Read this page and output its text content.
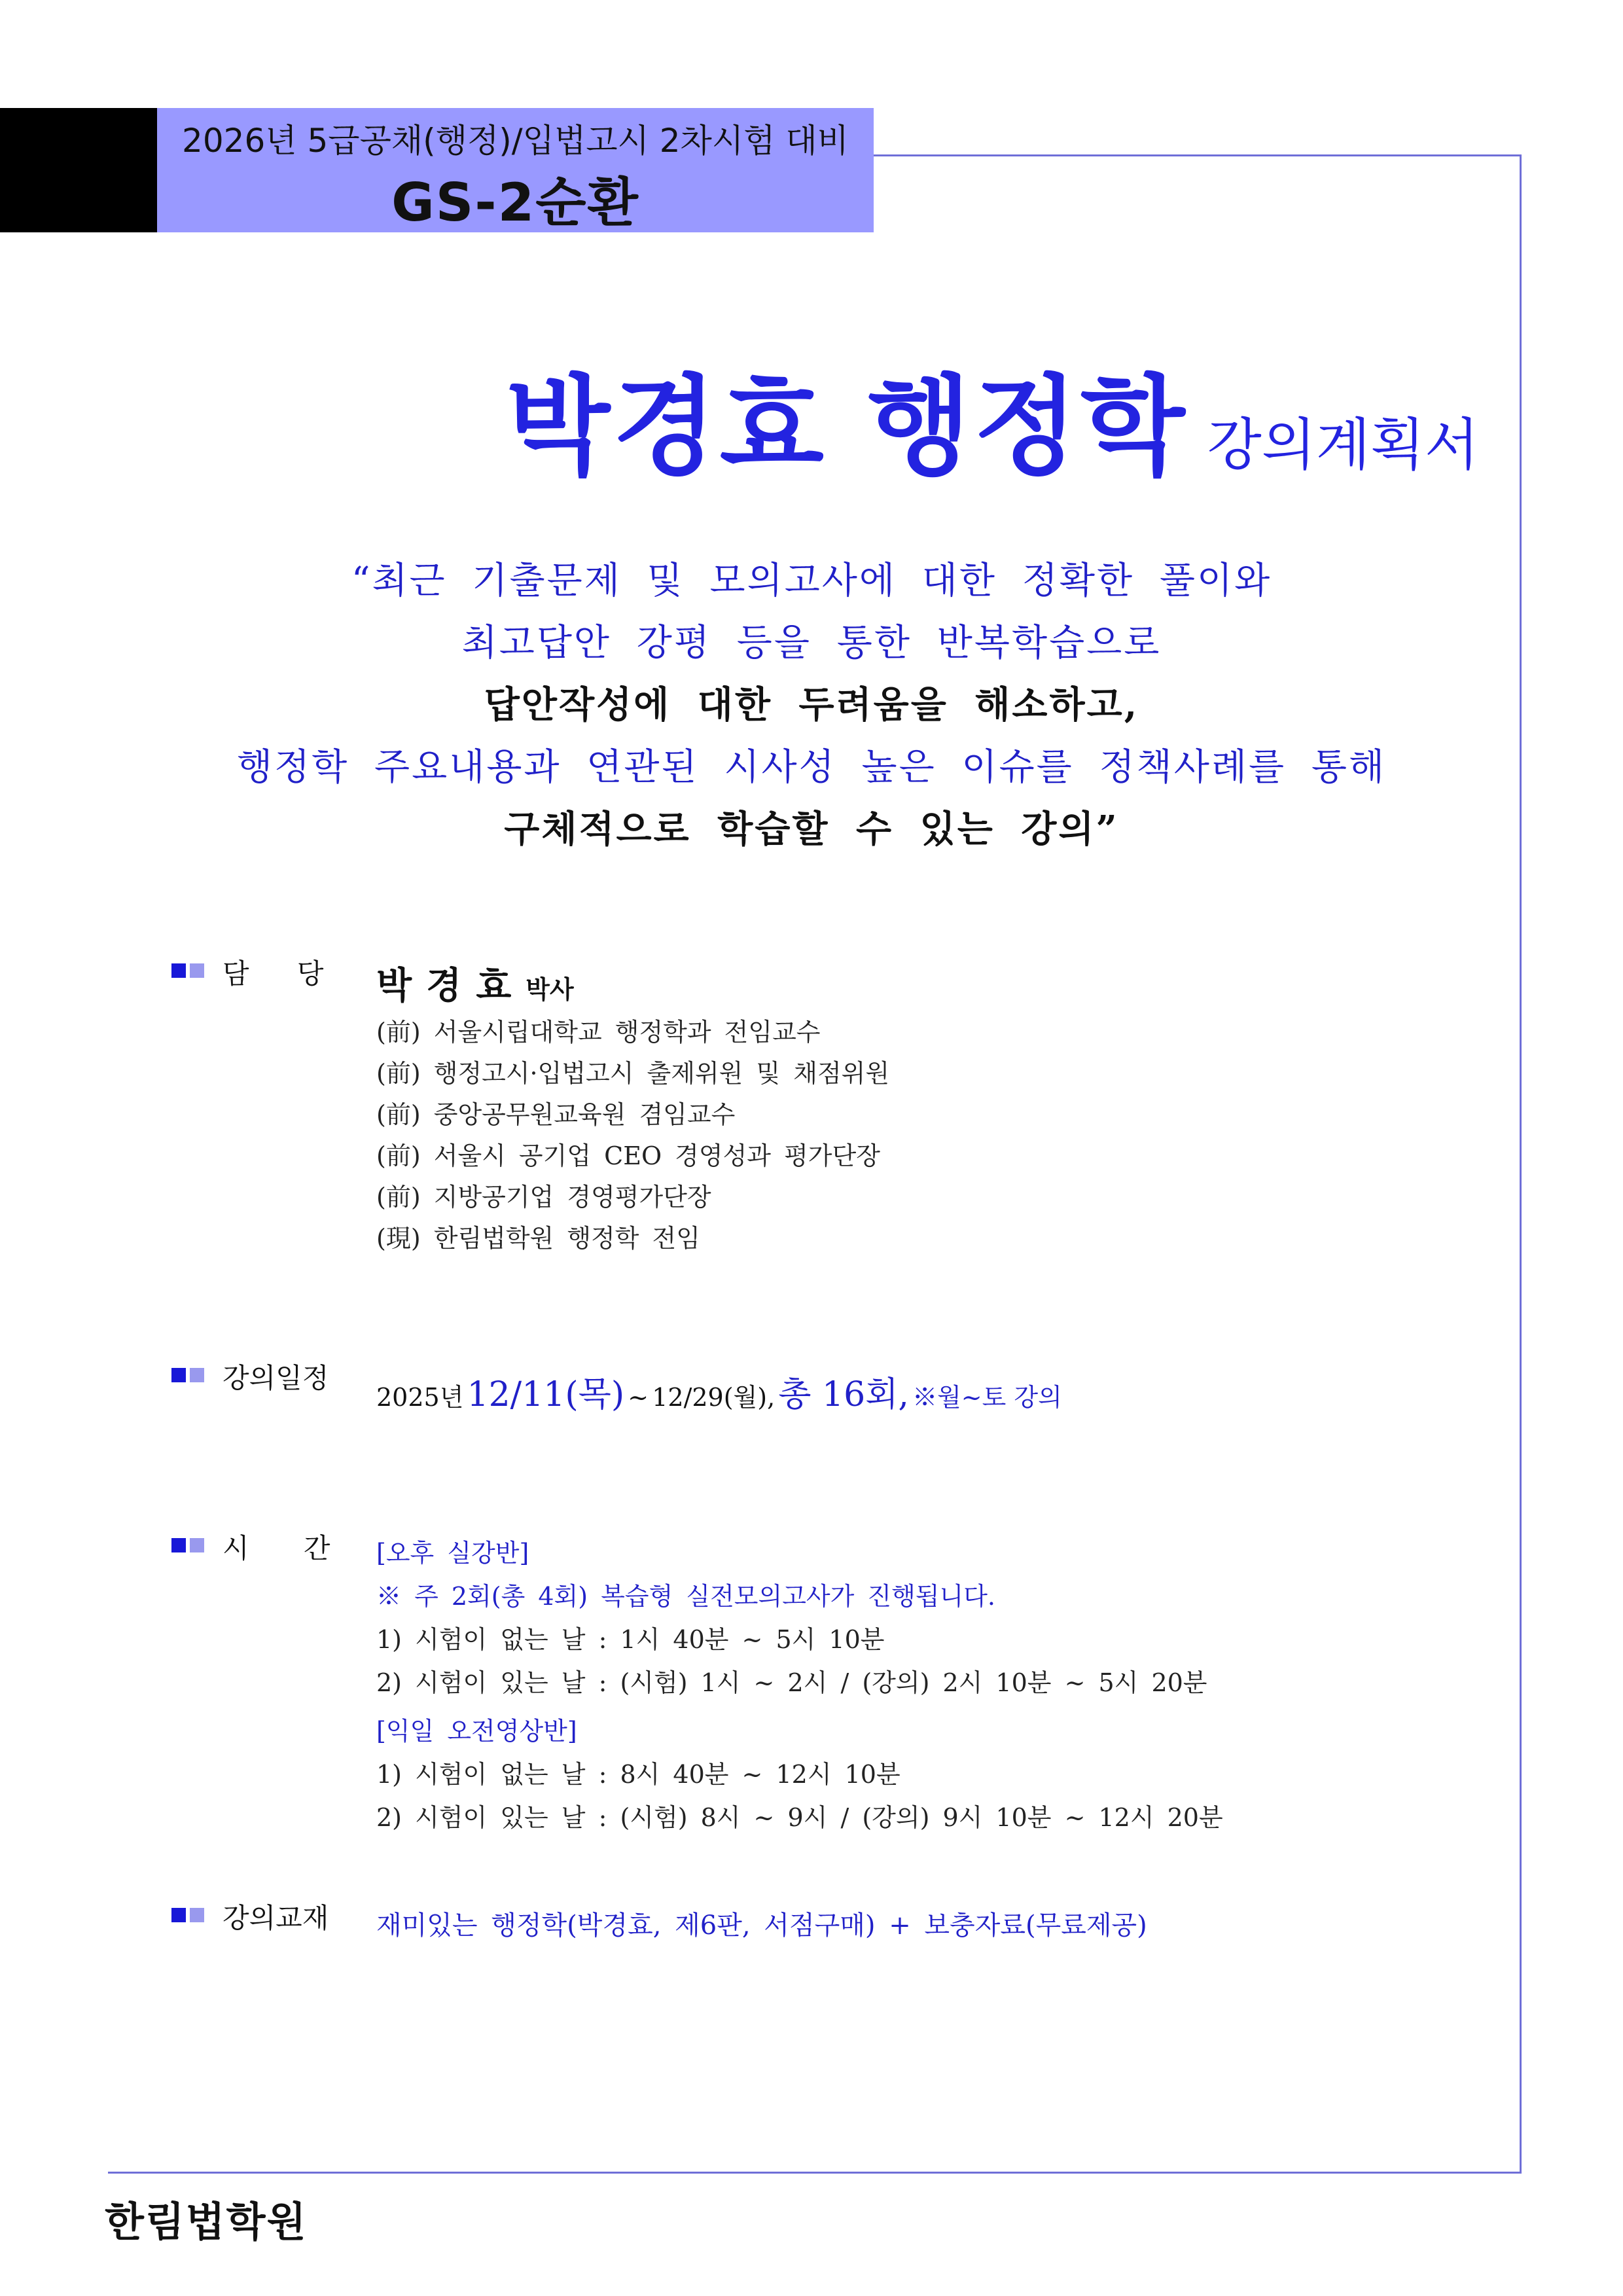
2026년 5급공채(행정)/입법고시 2차시험 대비
GS-2순환
박경효 행정학 강의계획서
“최근 기출문제 및 모의고사에 대한 정확한 풀이와
최고답안 강평 등을 통한 반복학습으로
답안작성에 대한 두려움을 해소하고,
행정학 주요내용과 연관된 시사성 높은 이슈를 정책사례를 통해
구체적으로 학습할 수 있는 강의”
담 당 박경효박사
(前) 서울시립대학교 행정학과 전임교수
(前) 행정고시·입법고시 출제위원 및 채점위원
(前) 중앙공무원교육원 겸임교수
(前) 서울시 공기업 CEO 경영성과 평가단장
(前) 지방공기업 경영평가단장
(現) 한림법학원 행정학 전임
강의일정
2025년 12/11(목) ~ 12/29(월), 총 16회, ※월~토 강의
시 간 [오후 실강반]
※ 주 2회(총 4회) 복습형 실전모의고사가 진행됩니다.
1) 시험이 없는 날 : 1시 40분 ~ 5시 10분
2) 시험이 있는 날 : (시험) 1시 ~ 2시 / (강의) 2시 10분 ~ 5시 20분
[익일 오전영상반]
1) 시험이 없는 날 : 8시 40분 ~ 12시 10분
2) 시험이 있는 날 : (시험) 8시 ~ 9시 / (강의) 9시 10분 ~ 12시 20분
강의교재 재미있는 행정학(박경효, 제6판, 서점구매) + 보충자료(무료제공)
한림법학원
